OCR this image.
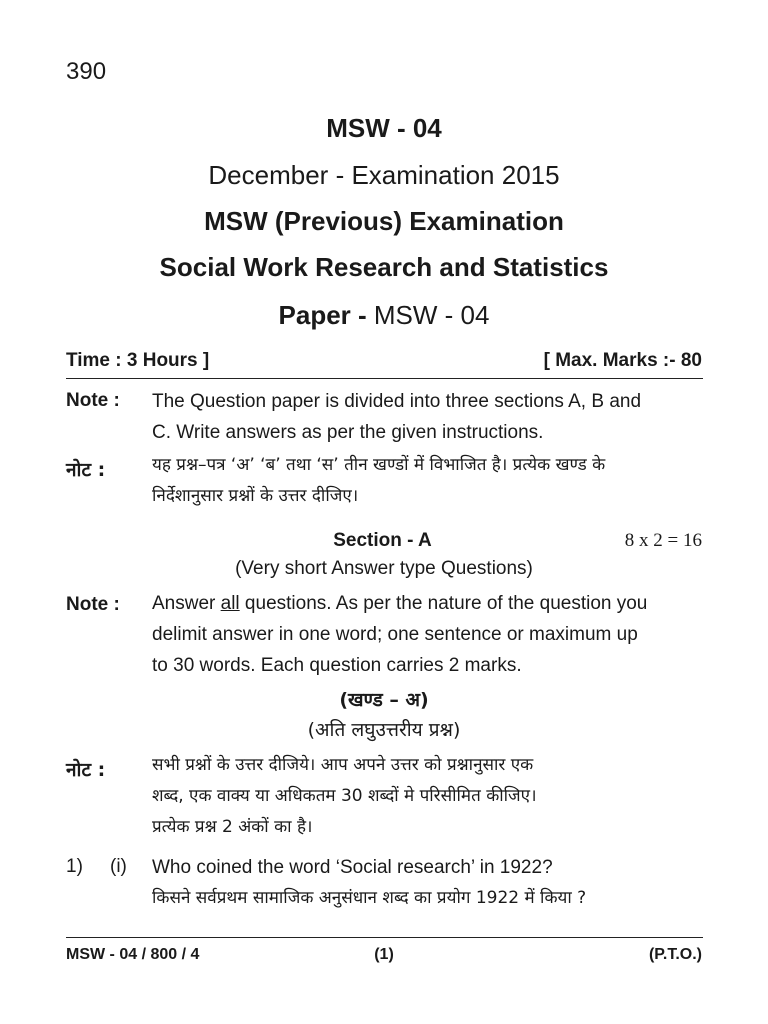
390
MSW - 04
December - Examination 2015
MSW (Previous) Examination
Social Work Research and Statistics
Paper - MSW - 04
Time : 3 Hours ]	[ Max. Marks :- 80
Note : The Question paper is divided into three sections A, B and
C. Write answers as per the given instructions.
नोट :	यह प्रश्न–पत्र ‘अ’ ‘ब’ तथा ‘स’ तीन खण्डों में विभाजित है। प्रत्येक खण्ड के
निर्देशानुसार प्रश्नों के उत्तर दीजिए।
Section - A	8 x 2 = 16
(Very short Answer type Questions)
Note : Answer all questions. As per the nature of the question you
delimit answer in one word; one sentence or maximum up
to 30 words. Each question carries 2 marks.
(खण्ड – अ)
(अति लघुउत्तरीय प्रश्न)
नोट :	सभी प्रश्नों के उत्तर दीजिये। आप अपने उत्तर को प्रश्नानुसार एक
शब्द, एक वाक्य या अधिकतम 30 शब्दों मे परिसीमित कीजिए।
प्रत्येक प्रश्न 2 अंकों का है।
1) (i) Who coined the word ‘Social research’ in 1922?
किसने सर्वप्रथम सामाजिक अनुसंधान शब्द का प्रयोग 1922 में किया ?
MSW - 04 / 800 / 4	(1)	(P.T.O.)
